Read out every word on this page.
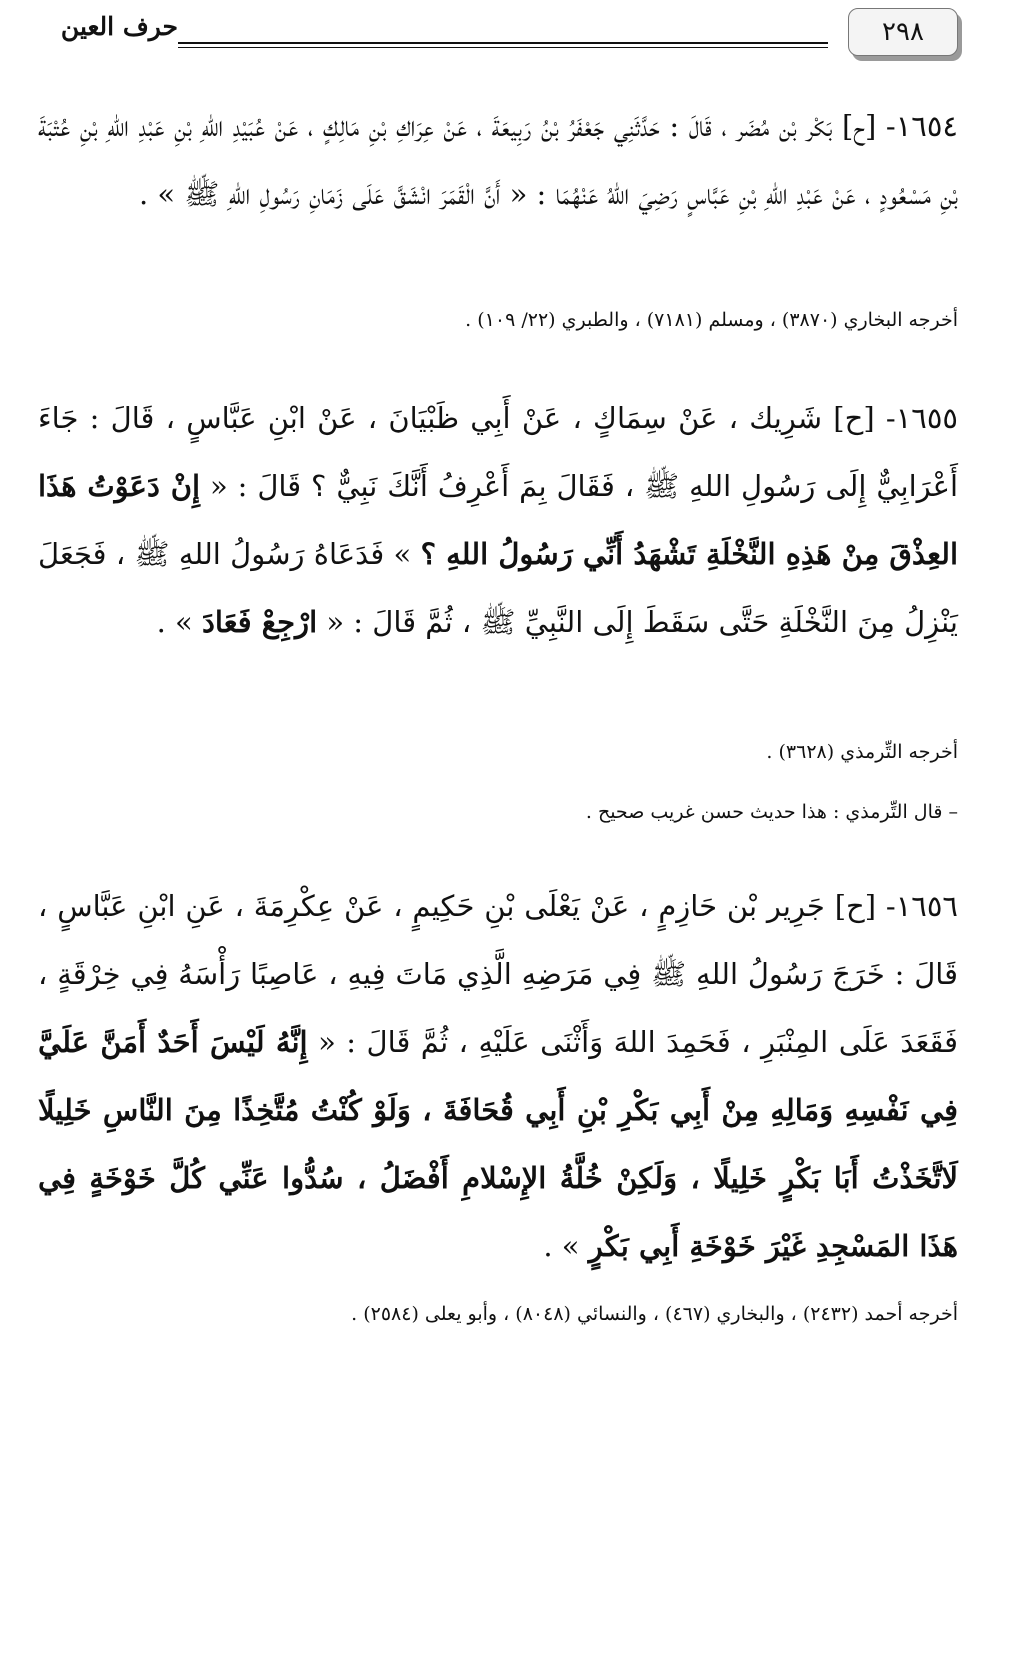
٢٩٨
حرف العين

١٦٥٤- [ح] بَكْر بْن مُضَر ، قَالَ : حَدَّثَنِي جَعْفَرُ بْنُ رَبِيعَةَ ، عَنْ عِرَاكِ بْنِ مَالِكٍ ، عَنْ عُبَيْدِ اللهِ بْنِ عَبْدِ اللهِ بْنِ عُتْبَةَ بْنِ مَسْعُودٍ ، عَنْ عَبْدِ اللهِ بْنِ عَبَّاسٍ رَضِيَ اللهُ عَنْهُمَا : « أَنَّ الْقَمَرَ انْشَقَّ عَلَى زَمَانِ رَسُولِ اللهِ ﷺ » .

أخرجه البخاري (٣٨٧٠) ، ومسلم (٧١٨١) ، والطبري (٢٢/ ١٠٩) .

١٦٥٥- [ح] شَرِيك ، عَنْ سِمَاكٍ ، عَنْ أَبِي ظَبْيَانَ ، عَنْ ابْنِ عَبَّاسٍ ، قَالَ : جَاءَ أَعْرَابِيٌّ إِلَى رَسُولِ اللهِ ﷺ ، فَقَالَ بِمَ أَعْرِفُ أَنَّكَ نَبِيٌّ ؟ قَالَ : « إِنْ دَعَوْتُ هَذَا العِذْقَ مِنْ هَذِهِ النَّخْلَةِ تَشْهَدُ أَنِّي رَسُولُ اللهِ ؟ » فَدَعَاهُ رَسُولُ اللهِ ﷺ ، فَجَعَلَ يَنْزِلُ مِنَ النَّخْلَةِ حَتَّى سَقَطَ إِلَى النَّبِيِّ ﷺ ، ثُمَّ قَالَ : « ارْجِعْ فَعَادَ » .

أخرجه التِّرمذي (٣٦٢٨) .

– قال التِّرمذي : هذا حديث حسن غريب صحيح .

١٦٥٦- [ح] جَرِير بْن حَازِمٍ ، عَنْ يَعْلَى بْنِ حَكِيمٍ ، عَنْ عِكْرِمَةَ ، عَنِ ابْنِ عَبَّاسٍ ، قَالَ : خَرَجَ رَسُولُ اللهِ ﷺ فِي مَرَضِهِ الَّذِي مَاتَ فِيهِ ، عَاصِبًا رَأْسَهُ فِي خِرْقَةٍ ، فَقَعَدَ عَلَى المِنْبَرِ ، فَحَمِدَ اللهَ وَأَثْنَى عَلَيْهِ ، ثُمَّ قَالَ : « إِنَّهُ لَيْسَ أَحَدٌ أَمَنَّ عَلَيَّ فِي نَفْسِهِ وَمَالِهِ مِنْ أَبِي بَكْرِ بْنِ أَبِي قُحَافَةَ ، وَلَوْ كُنْتُ مُتَّخِذًا مِنَ النَّاسِ خَلِيلًا لَاتَّخَذْتُ أَبَا بَكْرٍ خَلِيلًا ، وَلَكِنْ خُلَّةُ الإِسْلامِ أَفْضَلُ ، سُدُّوا عَنِّي كُلَّ خَوْخَةٍ فِي هَذَا المَسْجِدِ غَيْرَ خَوْخَةِ أَبِي بَكْرٍ » .

أخرجه أحمد (٢٤٣٢) ، والبخاري (٤٦٧) ، والنسائي (٨٠٤٨) ، وأبو يعلى (٢٥٨٤) .
